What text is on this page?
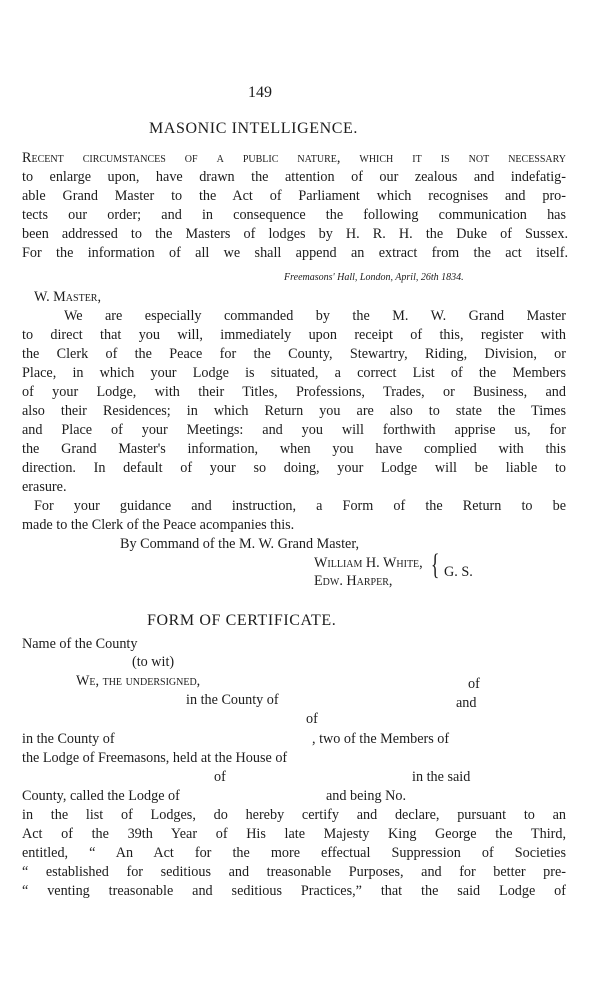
149
MASONIC INTELLIGENCE.
Recent circumstances of a public nature, which it is not necessary
to enlarge upon, have drawn the attention of our zealous and indefatig-
able Grand Master to the Act of Parliament which recognises and pro-
tects our order; and in consequence the following communication has
been addressed to the Masters of lodges by H. R. H. the Duke of Sussex.
For the information of all we shall append an extract from the act itself.
Freemasons' Hall, London, April, 26th 1834.
W. Master,
We are especially commanded by the M. W. Grand Master
to direct that you will, immediately upon receipt of this, register with
the Clerk of the Peace for the County, Stewartry, Riding, Division, or
Place, in which your Lodge is situated, a correct List of the Members
of your Lodge, with their Titles, Professions, Trades, or Business, and
also their Residences; in which Return you are also to state the Times
and Place of your Meetings: and you will forthwith apprise us, for
the Grand Master's information, when you have complied with this
direction. In default of your so doing, your Lodge will be liable to
erasure.
For your guidance and instruction, a Form of the Return to be
made to the Clerk of the Peace acompanies this.
By Command of the M. W. Grand Master,
William H. White,
Edw. Harper, { G. S.
FORM OF CERTIFICATE.
Name of the County
(to wit)
We, the undersigned,	of
in the County of	and
of
in the County of	, two of the Members of
the Lodge of Freemasons, held at the House of
of	in the said
County, called the Lodge of	and being No.
in the list of Lodges, do hereby certify and declare, pursuant to an
Act of the 39th Year of His late Majesty King George the Third,
entitled, “ An Act for the more effectual Suppression of Societies
“ established for seditious and treasonable Purposes, and for better pre-
“ venting treasonable and seditious Practices,” that the said Lodge of
